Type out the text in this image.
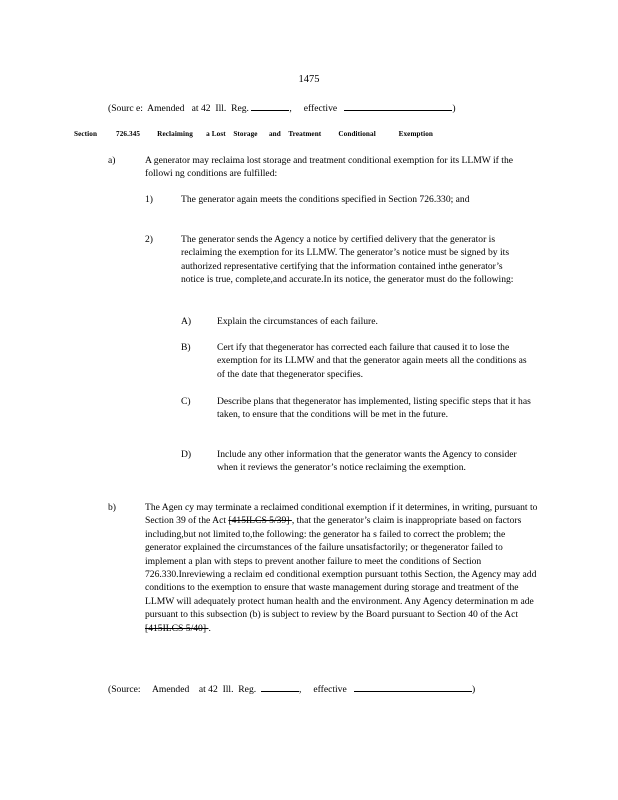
1475
(Sourc e:  Amended   at 42  Ill.  Reg.	,     effective	)
Section	726.345 Reclaiming       a Lost    Storage      and    Treatment         Conditional            Exemption
a)	A generator may reclaima lost storage and treatment conditional exemption for its LLMW if the followi ng conditions are fulfilled:
1)	The generator again meets the conditions specified in Section 726.330; and
2)	The generator sends the Agency a notice by certified delivery that the generator is reclaiming the exemption for its LLMW. The generator’s notice must be signed by its authorized representative certifying that the information contained inthe generator’s notice is true, complete,and accurate.In its notice, the generator must do the following:
A)	Explain the circumstances of each failure.
B)	Cert ify that thegenerator has corrected each failure that caused it to lose the exemption for its LLMW and that the generator again meets all the conditions as of the date that thegenerator specifies.
C)	Describe plans that thegenerator has implemented, listing specific steps that it has taken, to ensure that the conditions will be met in the future.
D)	Include any other information that the generator wants the Agency to consider when it reviews the generator’s notice reclaiming the exemption.
b)	The Agen cy may terminate a reclaimed conditional exemption if it determines, in writing, pursuant to Section 39 of the Act [415ILCS 5/39] , that the generator’s claim is inappropriate based on factors including,but not limited to,the following: the generator ha s failed to correct the problem; the generator explained the circumstances of the failure unsatisfactorily; or thegenerator failed to implement a plan with steps to prevent another failure to meet the conditions of Section 726.330.Inreviewing a reclaim ed conditional exemption pursuant tothis Section, the Agency may add conditions to the exemption to ensure that waste management during storage and treatment of the LLMW will adequately protect human health and the environment. Any Agency determination m ade pursuant to this subsection (b) is subject to review by the Board pursuant to Section 40 of the Act [415ILCS 5/40] .
(Source:     Amended    at 42  Ill.  Reg.	,     effective	)
